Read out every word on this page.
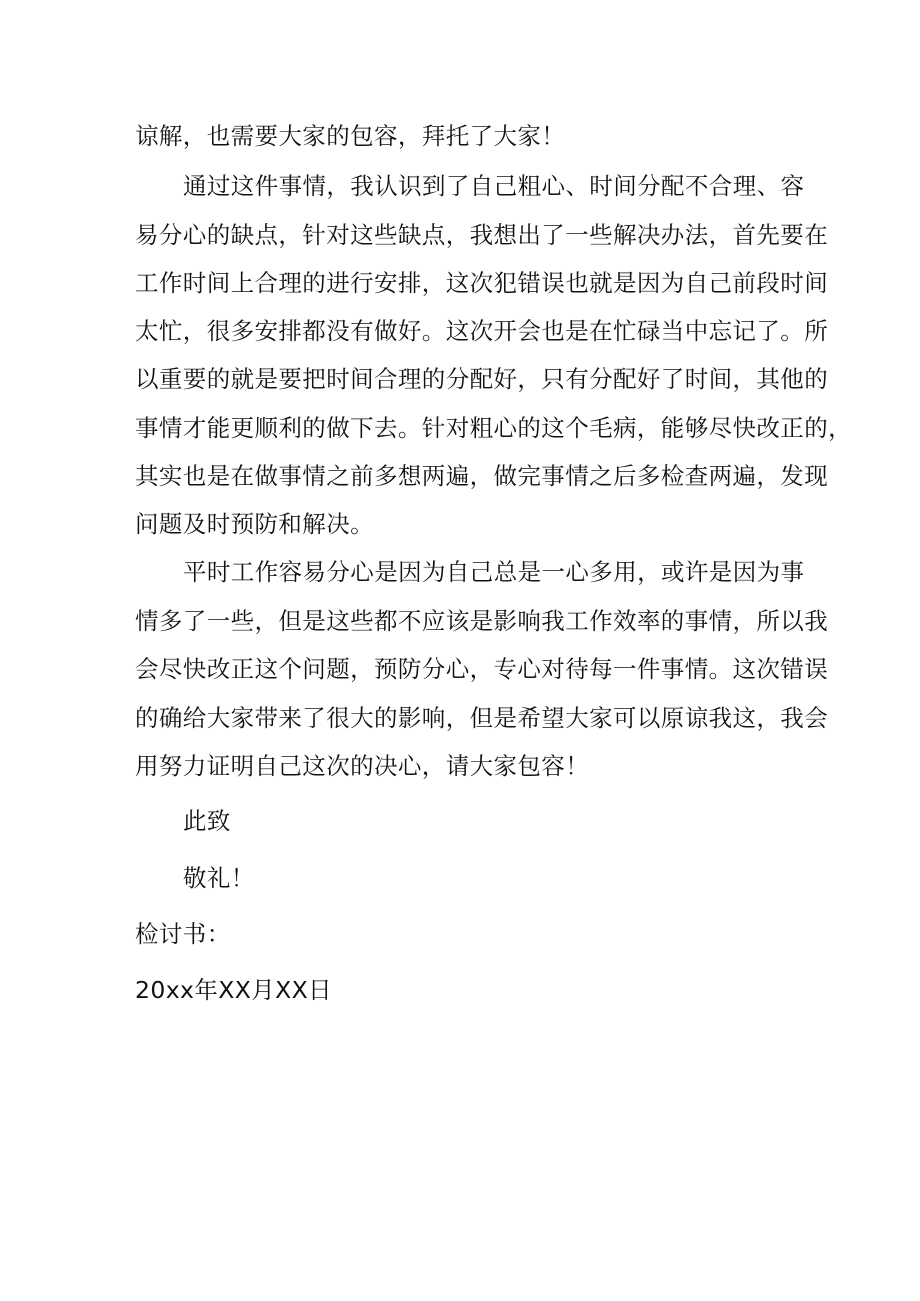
谅解，也需要大家的包容，拜托了大家！
通过这件事情，我认识到了自己粗心、时间分配不合理、容
易分心的缺点，针对这些缺点，我想出了一些解决办法，首先要在
工作时间上合理的进行安排，这次犯错误也就是因为自己前段时间
太忙，很多安排都没有做好。这次开会也是在忙碌当中忘记了。所
以重要的就是要把时间合理的分配好，只有分配好了时间，其他的
事情才能更顺利的做下去。针对粗心的这个毛病，能够尽快改正的，
其实也是在做事情之前多想两遍，做完事情之后多检查两遍，发现
问题及时预防和解决。
平时工作容易分心是因为自己总是一心多用，或许是因为事
情多了一些，但是这些都不应该是影响我工作效率的事情，所以我
会尽快改正这个问题，预防分心，专心对待每一件事情。这次错误
的确给大家带来了很大的影响，但是希望大家可以原谅我这，我会
用努力证明自己这次的决心，请大家包容！
此致
敬礼！
检讨书：
20xx年XX月XX日
